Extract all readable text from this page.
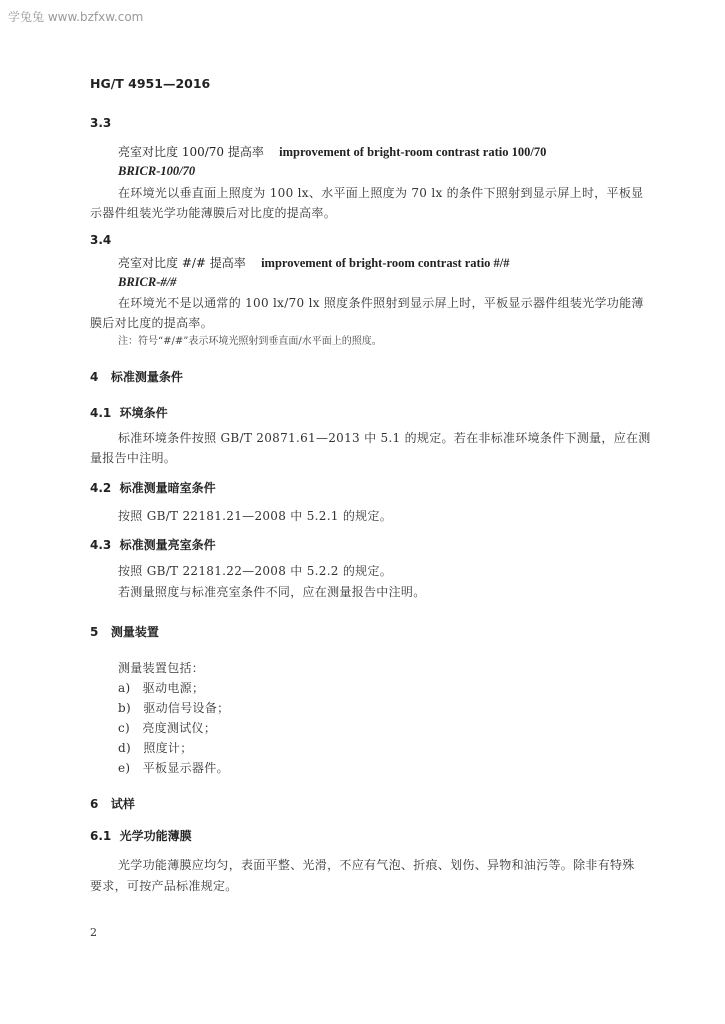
学兔兔 www.bzfxw.com
HG/T 4951—2016
3.3
亮室对比度 100/70 提高率 improvement of bright-room contrast ratio 100/70
BRICR-100/70
在环境光以垂直面上照度为 100 lx、水平面上照度为 70 lx 的条件下照射到显示屏上时，平板显
示器件组装光学功能薄膜后对比度的提高率。
3.4
亮室对比度 #/# 提高率 improvement of bright-room contrast ratio #/#
BRICR-#/#
在环境光不是以通常的 100 lx/70 lx 照度条件照射到显示屏上时，平板显示器件组装光学功能薄
膜后对比度的提高率。
注：符号“#/#”表示环境光照射到垂直面/水平面上的照度。
4 标准测量条件
4.1 环境条件
标准环境条件按照 GB/T 20871.61—2013 中 5.1 的规定。若在非标准环境条件下测量，应在测
量报告中注明。
4.2 标准测量暗室条件
按照 GB/T 22181.21—2008 中 5.2.1 的规定。
4.3 标准测量亮室条件
按照 GB/T 22181.22—2008 中 5.2.2 的规定。
若测量照度与标准亮室条件不同，应在测量报告中注明。
5 测量装置
测量装置包括：
a) 驱动电源；
b) 驱动信号设备；
c) 亮度测试仪；
d) 照度计；
e) 平板显示器件。
6 试样
6.1 光学功能薄膜
光学功能薄膜应均匀，表面平整、光滑，不应有气泡、折痕、划伤、异物和油污等。除非有特殊
要求，可按产品标准规定。
2
